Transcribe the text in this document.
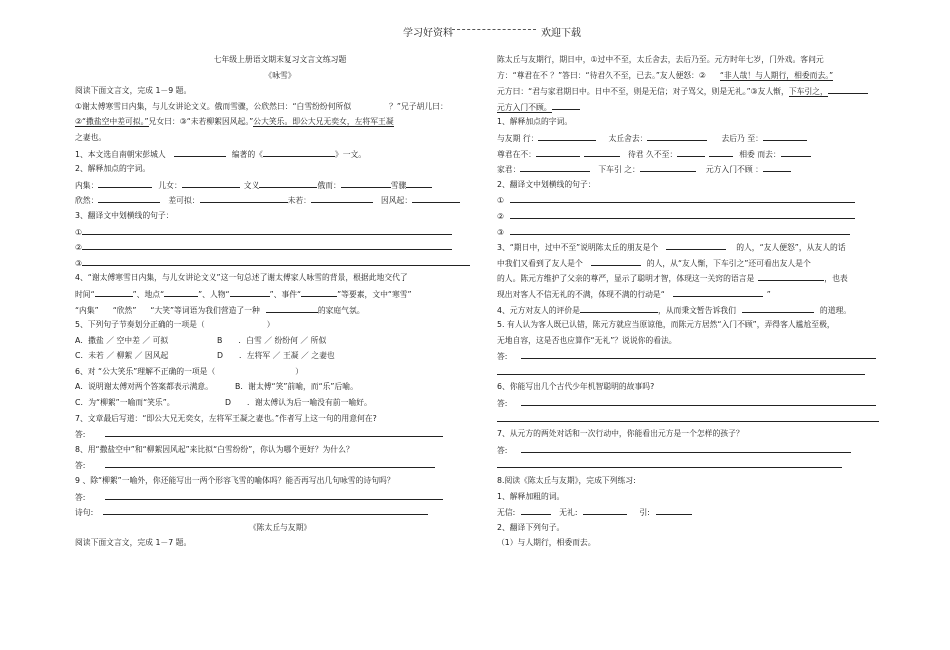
学习好资料	欢迎下载
七年级上册语文期末复习文言文练习题
《咏雪》
阅读下面文言文，完成 1－9 题。
①谢太傅寒雪日内集，与儿女讲论文义。俄而雪骤，公欣然曰：“白雪纷纷何所似	？”兄子胡儿曰：
②“撒盐空中差可拟。”兄女曰：③“未若柳絮因风起。”公大笑乐。即公大兄无奕女，左将军王凝
之妻也。
1、本文选自南朝宋彭城人	编著的《	》一文。
2、解释加点的字词。
内集：	儿女：	文义	俄而：	雪骤
欣然：	差可拟：	未若：	因风起：
3、翻译文中划横线的句子：
①
②
③
4、“谢太傅寒雪日内集，与儿女讲论文义”这一句总述了谢太傅家人咏雪的背景，根据此地交代了
时间“	”、地点“	”、人物“	”、事件“	”等要素，文中“寒雪”
“内集” “欣然” “大笑”等词语为我们营造了一种	的家庭气氛。
5、下列句子节奏划分正确的一项是（	）
A．撒盐 ／ 空中差 ／ 可拟	B ．白雪 ／ 纷纷何 ／ 所似
C．未若 ／ 柳絮 ／ 因风起	D ．左将军 ／ 王凝 ／ 之妻也
6、对 “公大笑乐”理解不正确的一项是（	）
A．说明谢太傅对两个答案都表示满意。	B．谢太傅“笑”前喻，而“乐”后喻。
C．为“柳絮”一喻而“笑乐”。	D ．谢太傅认为后一喻没有前一喻好。
7、文章最后写道：“即公大兄无奕女，左将军王凝之妻也。”作者写上这一句的用意何在?
答:
8、用“撒盐空中”和“柳絮因风起”来比拟“白雪纷纷”，你认为哪个更好？为什么？
答:
9 、除“柳絮”一喻外，你还能写出一两个形容飞雪的喻体吗？能否再写出几句咏雪的诗句吗？
答:
诗句:
《陈太丘与友期》
阅读下面文言文，完成 1－7 题。
陈太丘与友期行，期日中，①过中不至，太丘舍去，去后乃至。元方时年七岁，门外戏。客问元
方：“尊君在不 ？”答曰：“待君久不至，已去。”友人便怒：② “非人哉！与人期行，相委而去。”
元方曰：“君与家君期日中。日中不至，则是无信；对子骂父，则是无礼。”③友人惭，下车引之，
元方入门不顾。
1、解释加点的字词。
与友期 行：	太丘舍去：	去后乃 至：
尊君在不：	待君 久不至：	相委 而去：
家君：	下车引 之：	元方入门不顾 ：
2、翻译文中划横线的句子：
①
②
③
3、“期日中，过中不至”说明陈太丘的朋友是个	的人，“友人便怒”，从友人的话
中我们又看到了友人是个	的人，从“友人惭，下车引之”还可看出友人是个
的人。陈元方维护了父亲的尊严，显示了聪明才智，体现这一关窍的语言是	，也表
现出对客人不信无礼的不满，体现不满的行动是“	”
4、元方对友人的评价是	，从而秉文暂告诉我们	的道理。
5. 有人认为客人既已认错，陈元方就应当原谅他，而陈元方居然“入门不顾”，弄得客人尴尬至极，
无地自容，这是否也应算作“无礼”？说说你的看法。
答:
6、你能写出几个古代少年机智聪明的故事吗?
答:
7、从元方的两处对话和一次行动中，你能看出元方是一个怎样的孩子？
答:
8.阅读《陈太丘与友期》，完成下列练习:
1、解释加粗的词。
无信:	无礼:	引:
2、翻译下列句子。
（1）与人期行，相委而去。
